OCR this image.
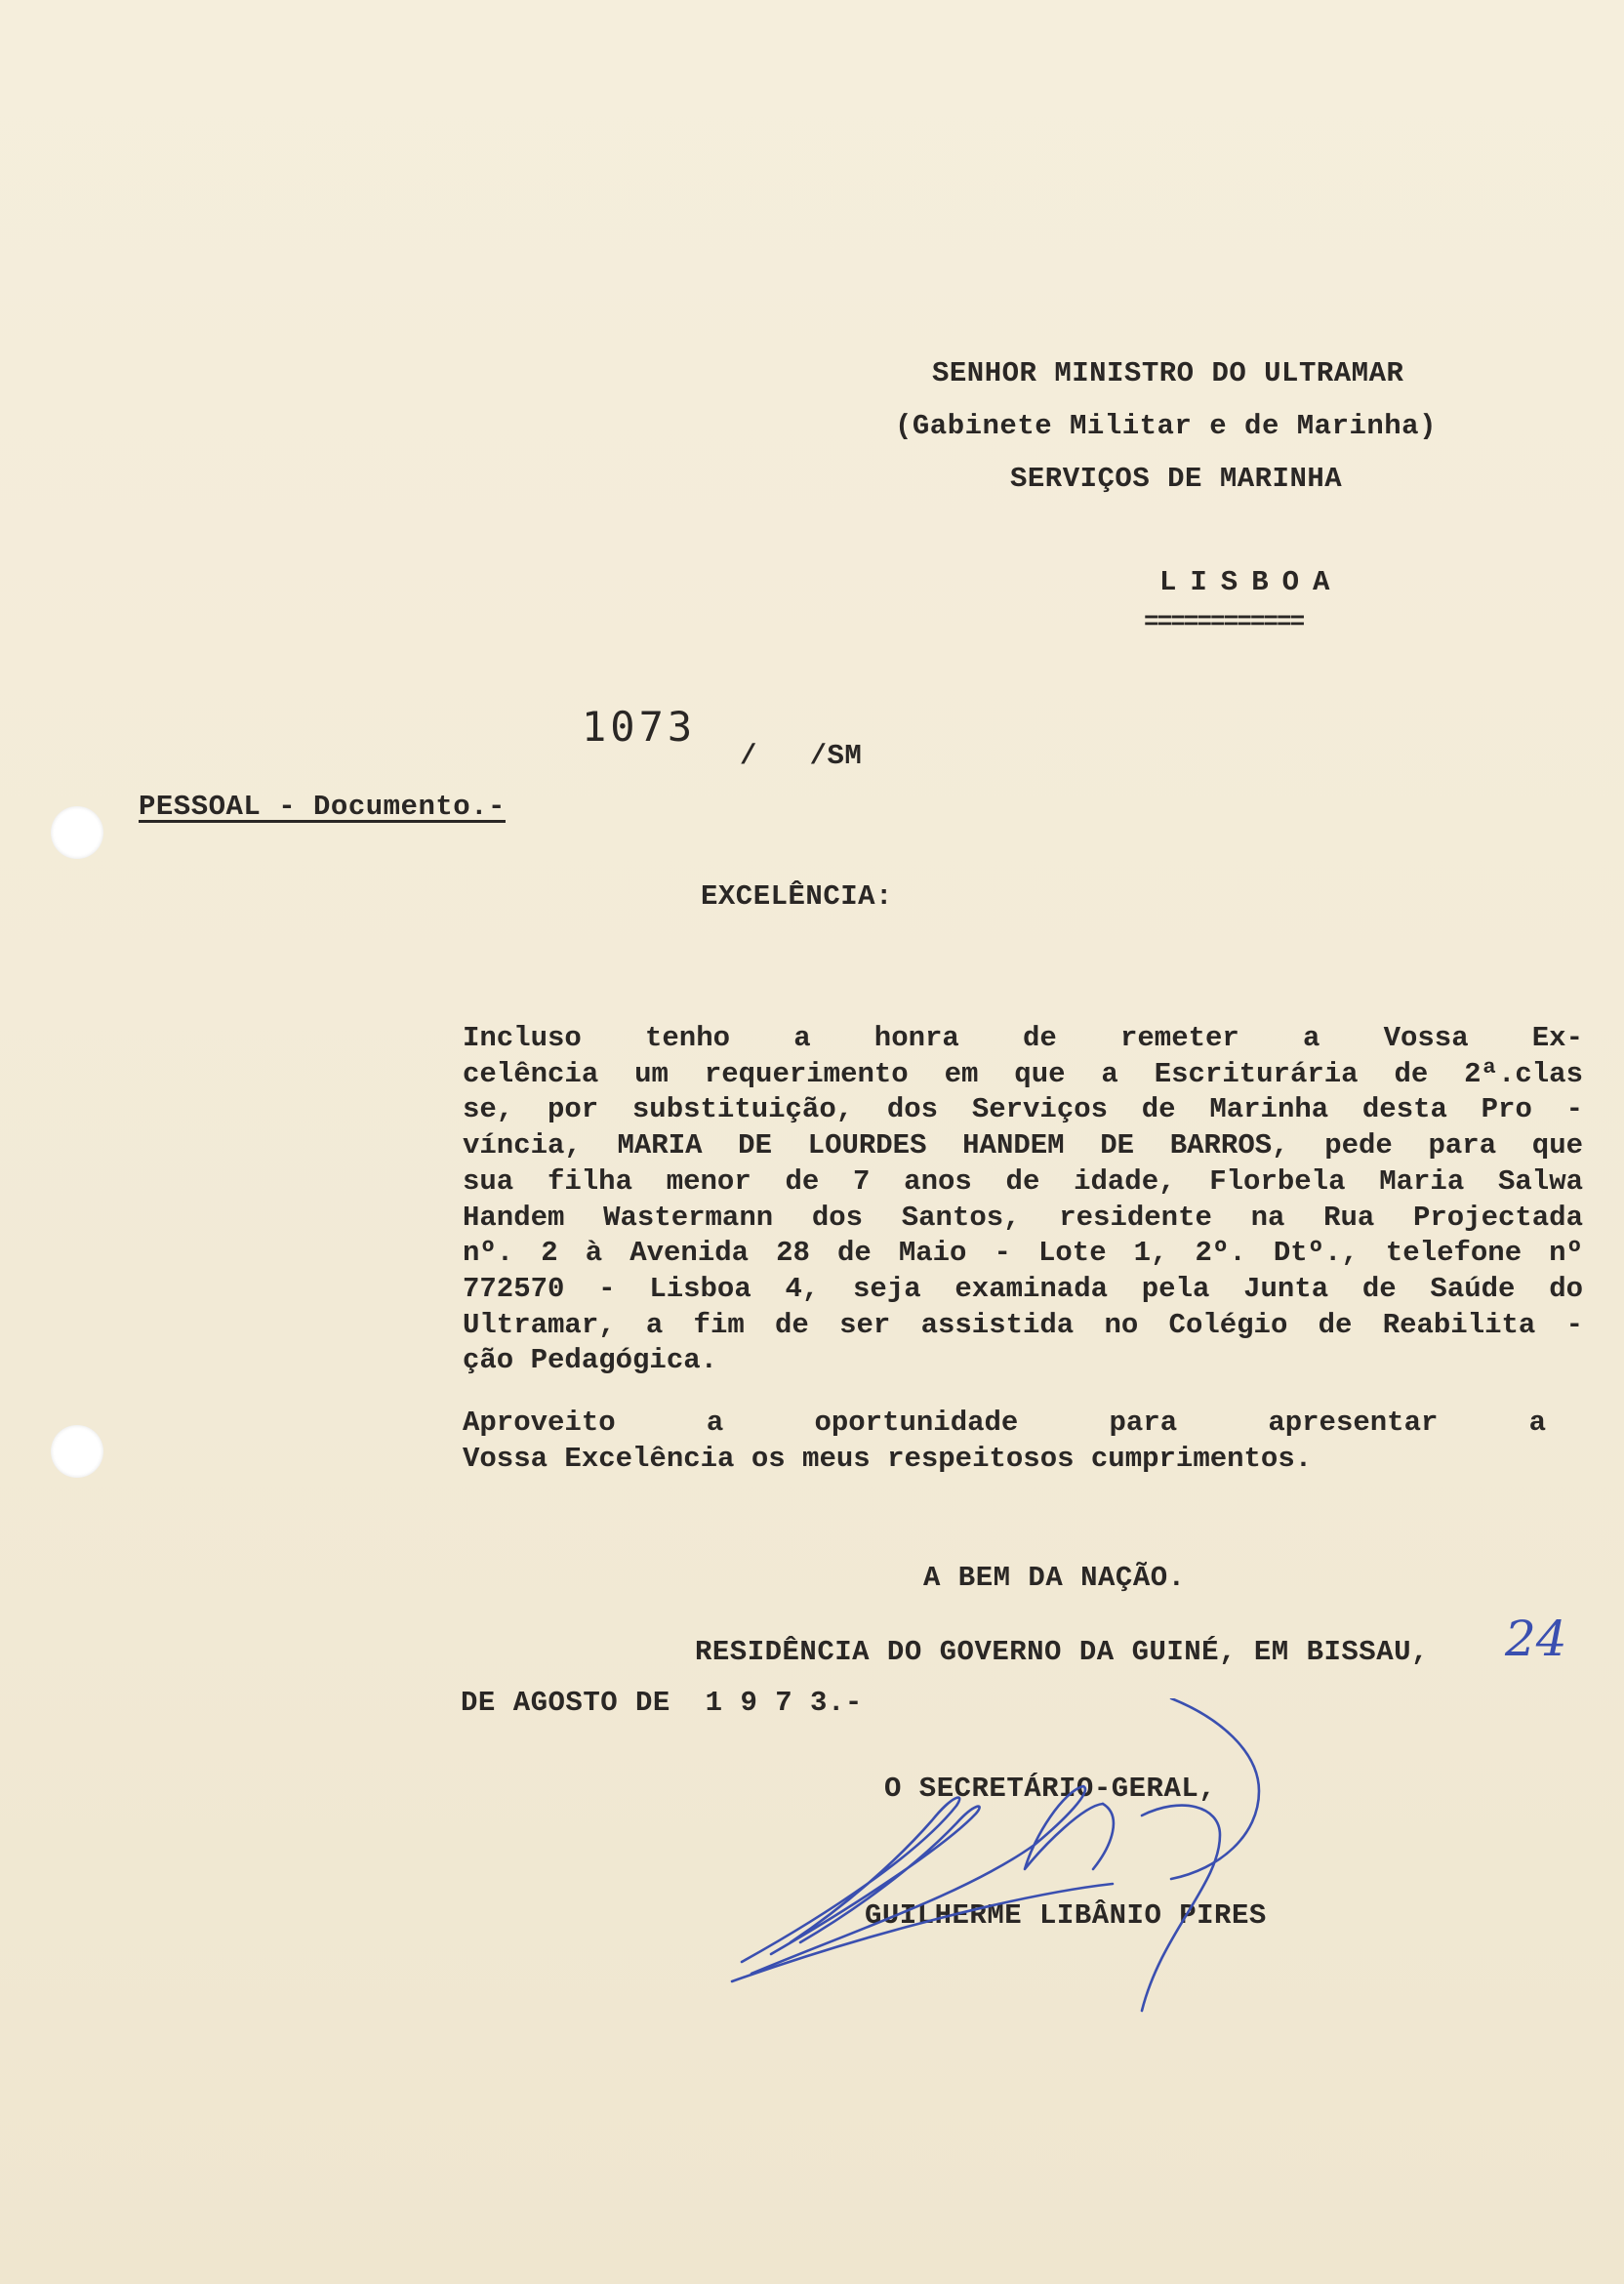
SENHOR MINISTRO DO ULTRAMAR
(Gabinete Militar e de Marinha)
SERVIÇOS DE MARINHA
LISBOA
============
1073
/   /SM
PESSOAL - Documento.-
EXCELÊNCIA:
Incluso tenho a honra de remeter a Vossa Ex-
celência um requerimento em que a Escriturária de 2ª.clas
se, por substituição, dos Serviços de Marinha desta Pro -
víncia, MARIA DE LOURDES HANDEM DE BARROS, pede para que
sua filha menor de 7 anos de idade, Florbela Maria Salwa
Handem Wastermann dos Santos, residente na Rua Projectada
nº. 2 à Avenida 28 de Maio - Lote 1, 2º. Dtº., telefone nº
772570 - Lisboa 4, seja examinada pela Junta de Saúde do
Ultramar, a fim de ser assistida no Colégio de Reabilita -
ção Pedagógica.
Aproveito a oportunidade para apresentar a
Vossa Excelência os meus respeitosos cumprimentos.
A BEM DA NAÇÃO.
RESIDÊNCIA DO GOVERNO DA GUINÉ, EM BISSAU, 24
DE AGOSTO DE  1 9 7 3.-
O SECRETÁRIO-GERAL,
GUILHERME LIBÂNIO PIRES
